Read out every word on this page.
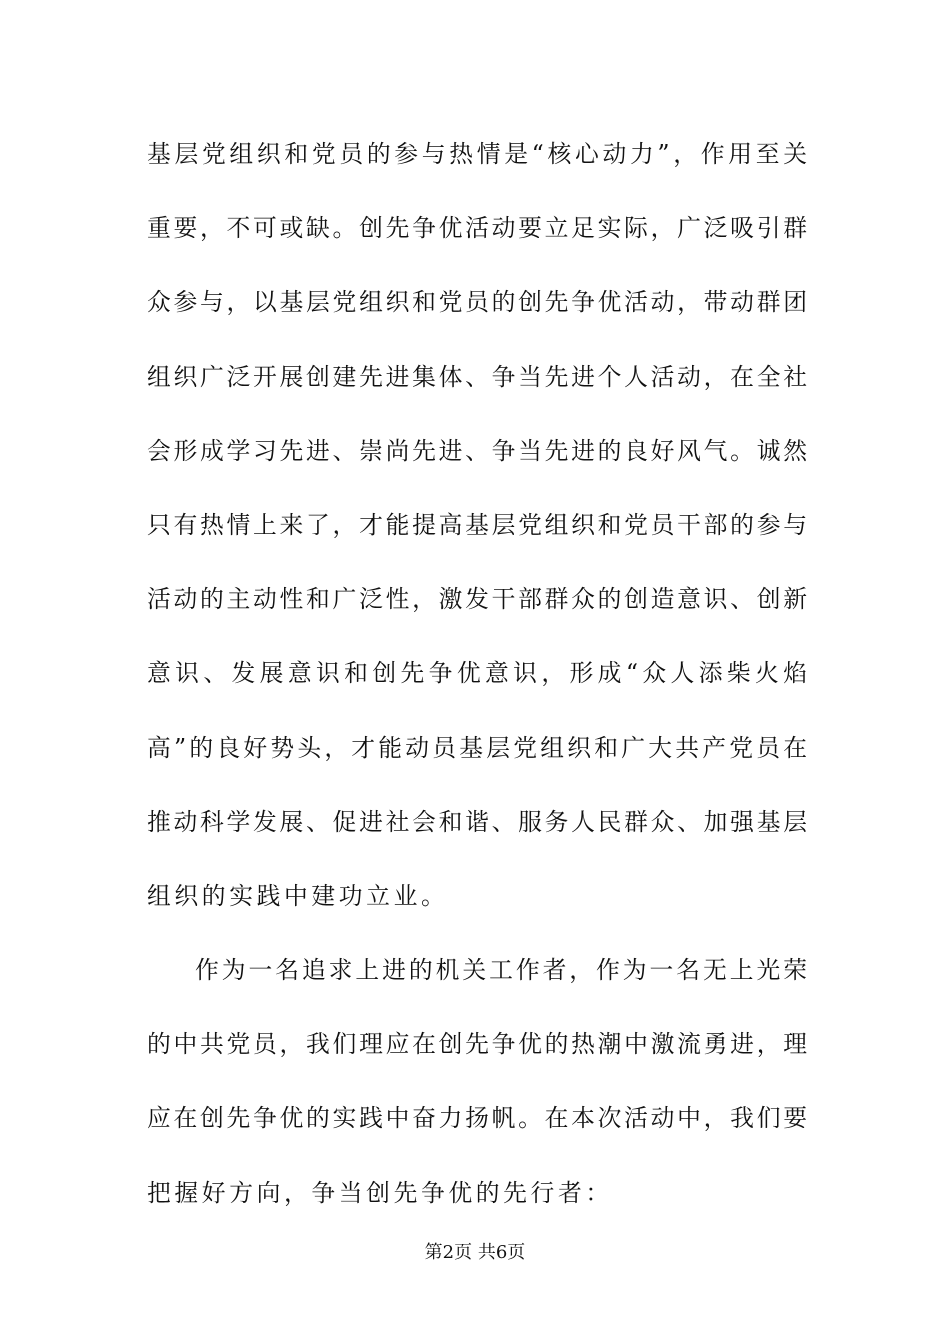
基层党组织和党员的参与热情是“核心动力”，作用至关
重要，不可或缺。创先争优活动要立足实际，广泛吸引群
众参与，以基层党组织和党员的创先争优活动，带动群团
组织广泛开展创建先进集体、争当先进个人活动，在全社
会形成学习先进、崇尚先进、争当先进的良好风气。诚然
只有热情上来了，才能提高基层党组织和党员干部的参与
活动的主动性和广泛性，激发干部群众的创造意识、创新
意识、发展意识和创先争优意识，形成“众人添柴火焰
高”的良好势头，才能动员基层党组织和广大共产党员在
推动科学发展、促进社会和谐、服务人民群众、加强基层
组织的实践中建功立业。
作为一名追求上进的机关工作者，作为一名无上光荣
的中共党员，我们理应在创先争优的热潮中激流勇进，理
应在创先争优的实践中奋力扬帆。在本次活动中，我们要
把握好方向，争当创先争优的先行者：
第2页 共6页
